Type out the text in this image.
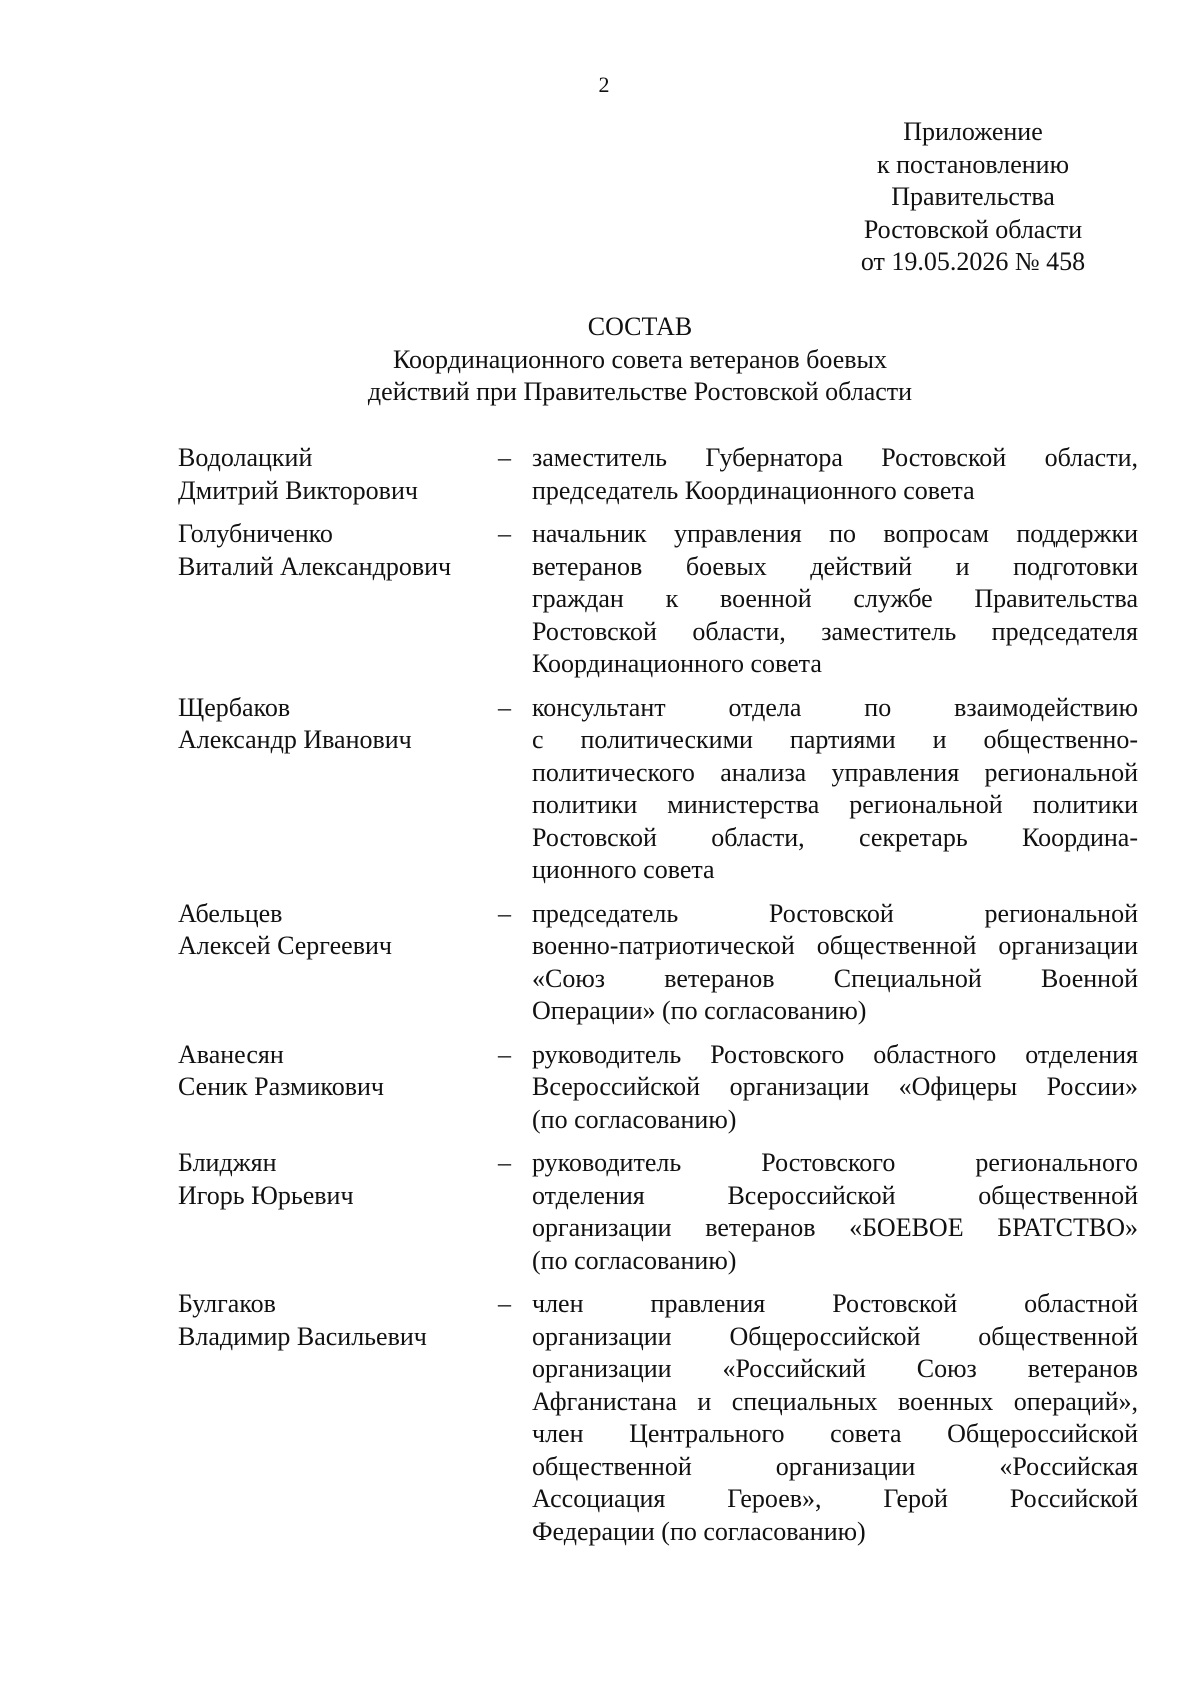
2
Приложение
к постановлению
Правительства
Ростовской области
от 19.05.2026 № 458
СОСТАВ
Координационного совета ветеранов боевых
действий при Правительстве Ростовской области
Водолацкий
Дмитрий Викторович
– заместитель Губернатора Ростовской области,
председатель Координационного совета
Голубниченко
Виталий Александрович
– начальник управления по вопросам поддержки
ветеранов боевых действий и подготовки
граждан к военной службе Правительства
Ростовской области, заместитель председателя
Координационного совета
Щербаков
Александр Иванович
– консультант отдела по взаимодействию
с политическими партиями и общественно-
политического анализа управления региональной
политики министерства региональной политики
Ростовской области, секретарь Координа-
ционного совета
Абельцев
Алексей Сергеевич
– председатель Ростовской региональной
военно-патриотической общественной организации
«Союз ветеранов Специальной Военной
Операции» (по согласованию)
Аванесян
Сеник Размикович
– руководитель Ростовского областного отделения
Всероссийской организации «Офицеры России»
(по согласованию)
Блиджян
Игорь Юрьевич
– руководитель Ростовского регионального
отделения Всероссийской общественной
организации ветеранов «БОЕВОЕ БРАТСТВО»
(по согласованию)
Булгаков
Владимир Васильевич
– член правления Ростовской областной
организации Общероссийской общественной
организации «Российский Союз ветеранов
Афганистана и специальных военных операций»,
член Центрального совета Общероссийской
общественной организации «Российская
Ассоциация Героев», Герой Российской
Федерации (по согласованию)
